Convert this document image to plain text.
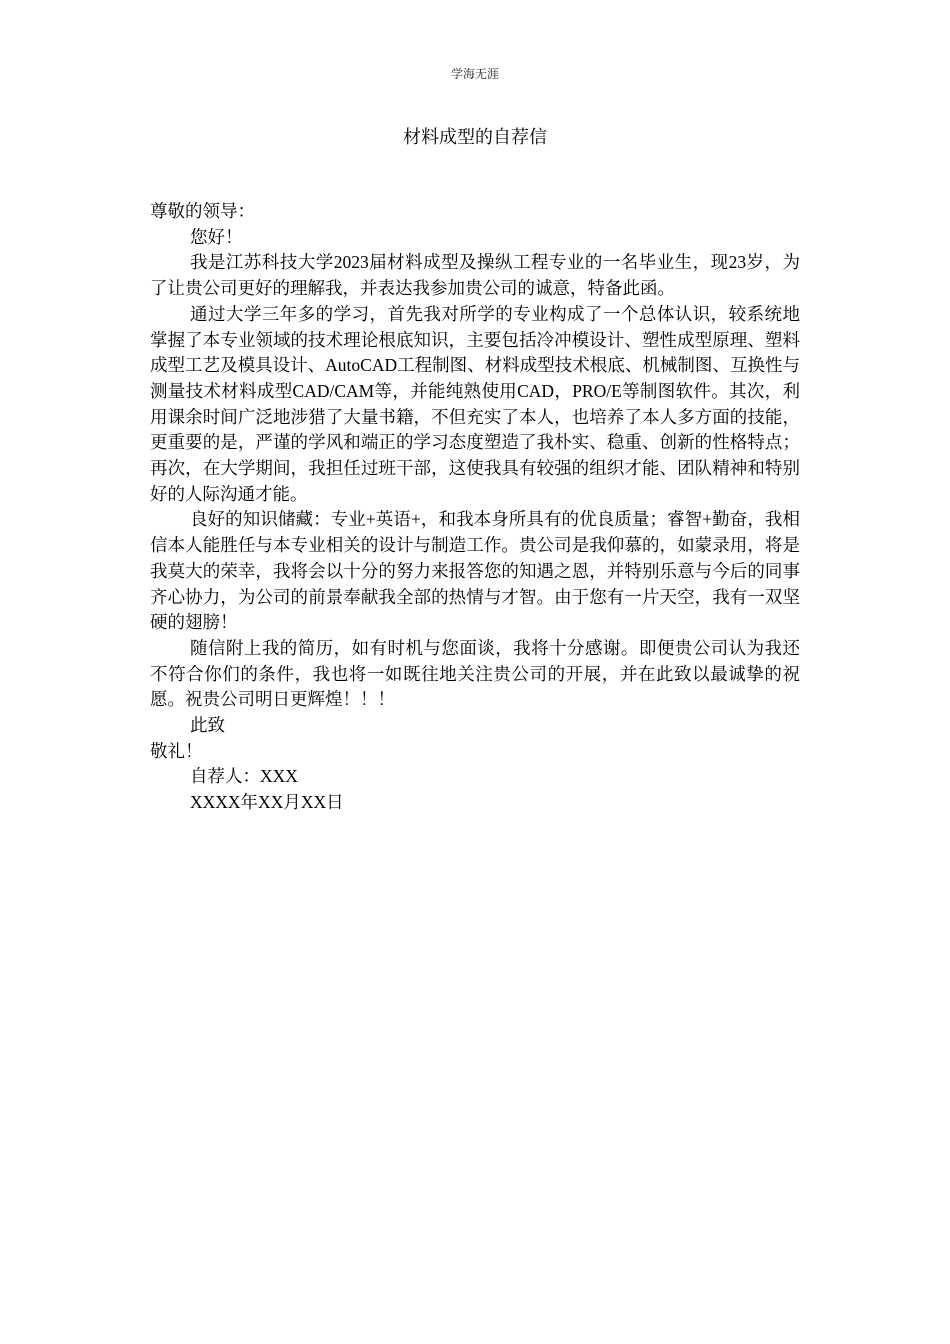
学海无涯
材料成型的自荐信

尊敬的领导：

您好！

我是江苏科技大学2023届材料成型及操纵工程专业的一名毕业生，现23岁，为了让贵公司更好的理解我，并表达我参加贵公司的诚意，特备此函。

通过大学三年多的学习，首先我对所学的专业构成了一个总体认识，较系统地掌握了本专业领域的技术理论根底知识，主要包括冷冲模设计、塑性成型原理、塑料成型工艺及模具设计、AutoCAD工程制图、材料成型技术根底、机械制图、互换性与测量技术材料成型CAD/CAM等，并能纯熟使用CAD，PRO/E等制图软件。其次，利用课余时间广泛地涉猎了大量书籍，不但充实了本人，也培养了本人多方面的技能，更重要的是，严谨的学风和端正的学习态度塑造了我朴实、稳重、创新的性格特点；再次，在大学期间，我担任过班干部，这使我具有较强的组织才能、团队精神和特别好的人际沟通才能。

良好的知识储藏：专业+英语+，和我本身所具有的优良质量；睿智+勤奋，我相信本人能胜任与本专业相关的设计与制造工作。贵公司是我仰慕的，如蒙录用，将是我莫大的荣幸，我将会以十分的努力来报答您的知遇之恩，并特别乐意与今后的同事齐心协力，为公司的前景奉献我全部的热情与才智。由于您有一片天空，我有一双坚硬的翅膀！

随信附上我的简历，如有时机与您面谈，我将十分感谢。即便贵公司认为我还不符合你们的条件，我也将一如既往地关注贵公司的开展，并在此致以最诚挚的祝愿。祝贵公司明日更辉煌！！！

此致

敬礼！

自荐人：XXX

XXXX年XX月XX日
